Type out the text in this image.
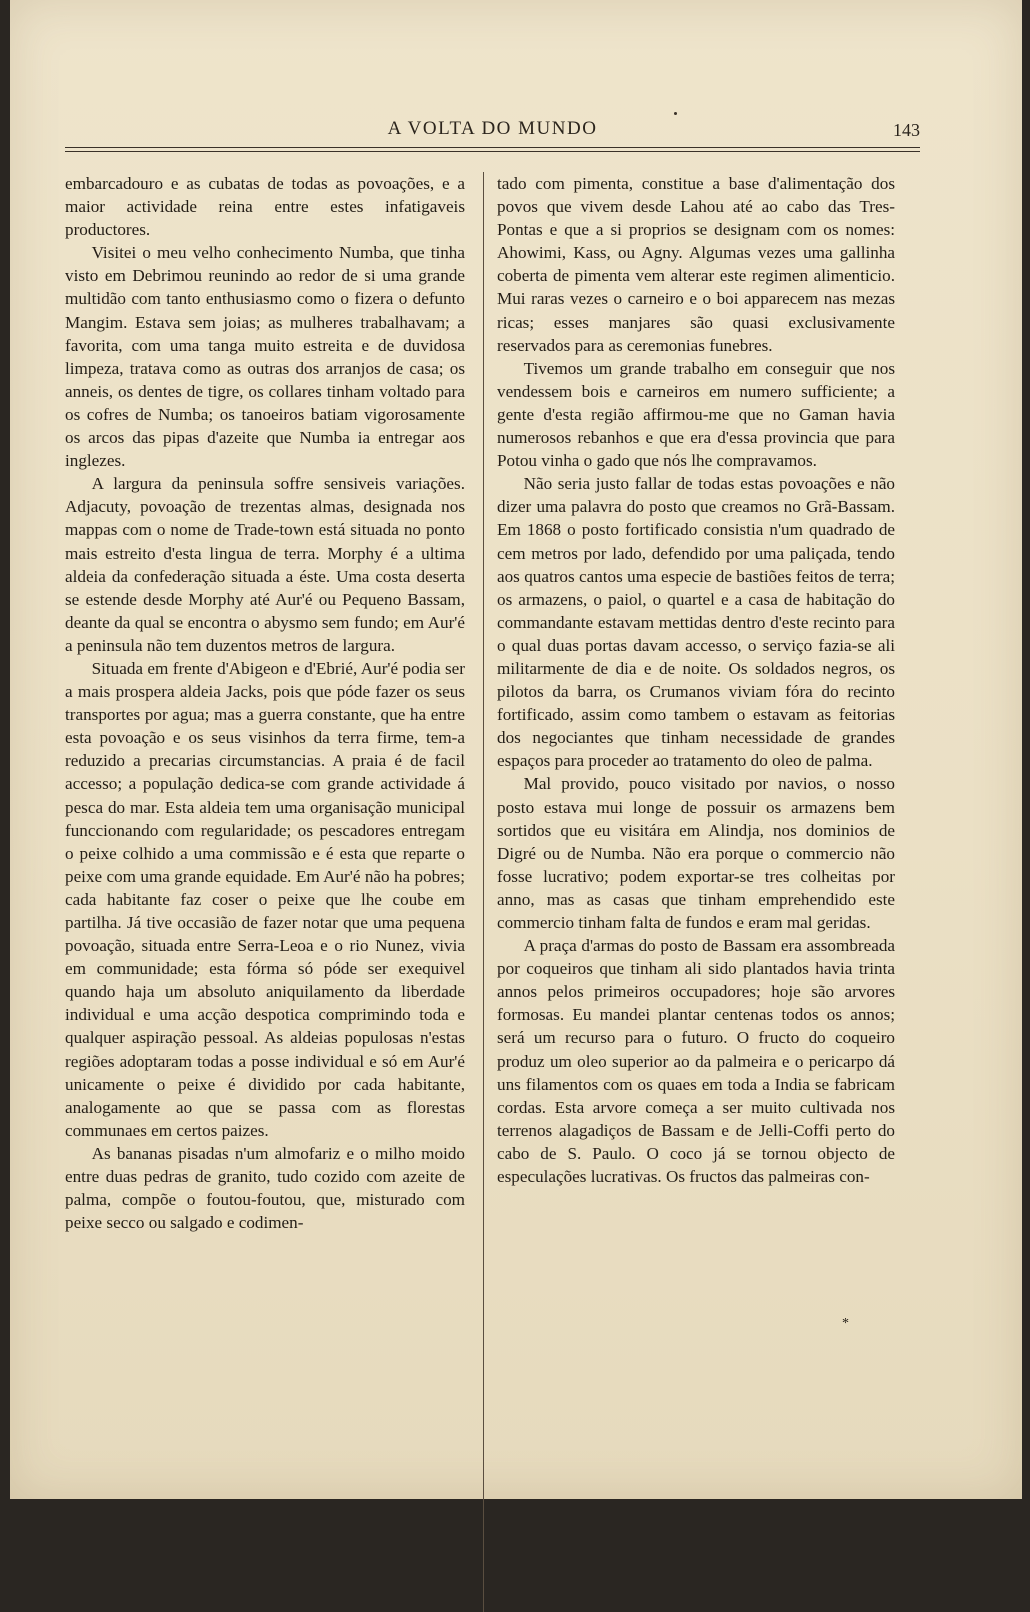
A VOLTA DO MUNDO	143

embarcadouro e as cubatas de todas as povoações, e a maior actividade reina entre estes infatigaveis productores.

Visitei o meu velho conhecimento Numba, que tinha visto em Debrimou reunindo ao redor de si uma grande multidão com tanto enthusiasmo como o fizera o defunto Mangim. Estava sem joias; as mulheres trabalhavam; a favorita, com uma tanga muito estreita e de duvidosa limpeza, tratava como as outras dos arranjos de casa; os anneis, os dentes de tigre, os collares tinham voltado para os cofres de Numba; os tanoeiros batiam vigorosamente os arcos das pipas d'azeite que Numba ia entregar aos inglezes.

A largura da peninsula soffre sensiveis variações. Adjacuty, povoação de trezentas almas, designada nos mappas com o nome de Trade-town está situada no ponto mais estreito d'esta lingua de terra. Morphy é a ultima aldeia da confederação situada a éste. Uma costa deserta se estende desde Morphy até Aur'é ou Pequeno Bassam, deante da qual se encontra o abysmo sem fundo; em Aur'é a peninsula não tem duzentos metros de largura.

Situada em frente d'Abigeon e d'Ebrié, Aur'é podia ser a mais prospera aldeia Jacks, pois que póde fazer os seus transportes por agua; mas a guerra constante, que ha entre esta povoação e os seus visinhos da terra firme, tem-a reduzido a precarias circumstancias. A praia é de facil accesso; a população dedica-se com grande actividade á pesca do mar. Esta aldeia tem uma organisação municipal funccionando com regularidade; os pescadores entregam o peixe colhido a uma commissão e é esta que reparte o peixe com uma grande equidade. Em Aur'é não ha pobres; cada habitante faz coser o peixe que lhe coube em partilha. Já tive occasião de fazer notar que uma pequena povoação, situada entre Serra-Leoa e o rio Nunez, vivia em communidade; esta fórma só póde ser exequivel quando haja um absoluto aniquilamento da liberdade individual e uma acção despotica comprimindo toda e qualquer aspiração pessoal. As aldeias populosas n'estas regiões adoptaram todas a posse individual e só em Aur'é unicamente o peixe é dividido por cada habitante, analogamente ao que se passa com as florestas communaes em certos paizes.

As bananas pisadas n'um almofariz e o milho moido entre duas pedras de granito, tudo cozido com azeite de palma, compõe o foutou-foutou, que, misturado com peixe secco ou salgado e codimen-

tado com pimenta, constitue a base d'alimentação dos povos que vivem desde Lahou até ao cabo das Tres-Pontas e que a si proprios se designam com os nomes: Ahowimi, Kass, ou Agny. Algumas vezes uma gallinha coberta de pimenta vem alterar este regimen alimenticio. Mui raras vezes o carneiro e o boi apparecem nas mezas ricas; esses manjares são quasi exclusivamente reservados para as ceremonias funebres.

Tivemos um grande trabalho em conseguir que nos vendessem bois e carneiros em numero sufficiente; a gente d'esta região affirmou-me que no Gaman havia numerosos rebanhos e que era d'essa provincia que para Potou vinha o gado que nós lhe compravamos.

Não seria justo fallar de todas estas povoações e não dizer uma palavra do posto que creamos no Grã-Bassam. Em 1868 o posto fortificado consistia n'um quadrado de cem metros por lado, defendido por uma paliçada, tendo aos quatros cantos uma especie de bastiões feitos de terra; os armazens, o paiol, o quartel e a casa de habitação do commandante estavam mettidas dentro d'este recinto para o qual duas portas davam accesso, o serviço fazia-se ali militarmente de dia e de noite. Os soldados negros, os pilotos da barra, os Crumanos viviam fóra do recinto fortificado, assim como tambem o estavam as feitorias dos negociantes que tinham necessidade de grandes espaços para proceder ao tratamento do oleo de palma.

Mal provido, pouco visitado por navios, o nosso posto estava mui longe de possuir os armazens bem sortidos que eu visitára em Alindja, nos dominios de Digré ou de Numba. Não era porque o commercio não fosse lucrativo; podem exportar-se tres colheitas por anno, mas as casas que tinham emprehendido este commercio tinham falta de fundos e eram mal geridas.

A praça d'armas do posto de Bassam era assombreada por coqueiros que tinham ali sido plantados havia trinta annos pelos primeiros occupadores; hoje são arvores formosas. Eu mandei plantar centenas todos os annos; será um recurso para o futuro. O fructo do coqueiro produz um oleo superior ao da palmeira e o pericarpo dá uns filamentos com os quaes em toda a India se fabricam cordas. Esta arvore começa a ser muito cultivada nos terrenos alagadiços de Bassam e de Jelli-Coffi perto do cabo de S. Paulo. O coco já se tornou objecto de especulações lucrativas. Os fructos das palmeiras con-

*
